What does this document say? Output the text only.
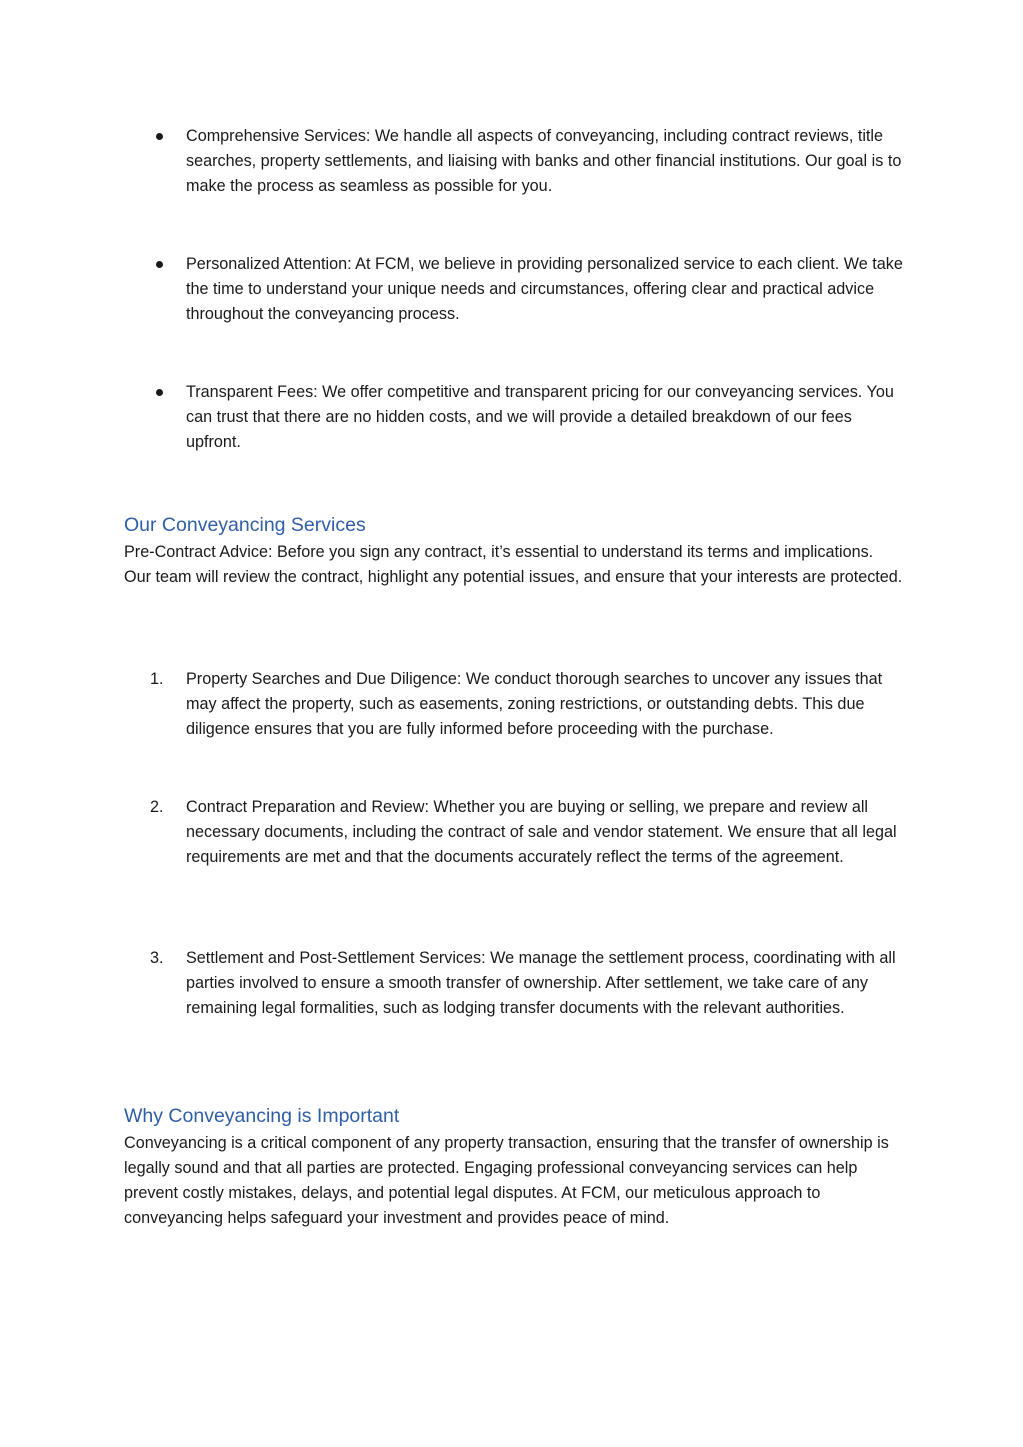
Comprehensive Services: We handle all aspects of conveyancing, including contract reviews, title searches, property settlements, and liaising with banks and other financial institutions. Our goal is to make the process as seamless as possible for you.
Personalized Attention: At FCM, we believe in providing personalized service to each client. We take the time to understand your unique needs and circumstances, offering clear and practical advice throughout the conveyancing process.
Transparent Fees: We offer competitive and transparent pricing for our conveyancing services. You can trust that there are no hidden costs, and we will provide a detailed breakdown of our fees upfront.
Our Conveyancing Services
Pre-Contract Advice: Before you sign any contract, it’s essential to understand its terms and implications. Our team will review the contract, highlight any potential issues, and ensure that your interests are protected.
1.	Property Searches and Due Diligence: We conduct thorough searches to uncover any issues that may affect the property, such as easements, zoning restrictions, or outstanding debts. This due diligence ensures that you are fully informed before proceeding with the purchase.
2.	Contract Preparation and Review: Whether you are buying or selling, we prepare and review all necessary documents, including the contract of sale and vendor statement. We ensure that all legal requirements are met and that the documents accurately reflect the terms of the agreement.
3.	Settlement and Post-Settlement Services: We manage the settlement process, coordinating with all parties involved to ensure a smooth transfer of ownership. After settlement, we take care of any remaining legal formalities, such as lodging transfer documents with the relevant authorities.
Why Conveyancing is Important
Conveyancing is a critical component of any property transaction, ensuring that the transfer of ownership is legally sound and that all parties are protected. Engaging professional conveyancing services can help prevent costly mistakes, delays, and potential legal disputes. At FCM, our meticulous approach to conveyancing helps safeguard your investment and provides peace of mind.
